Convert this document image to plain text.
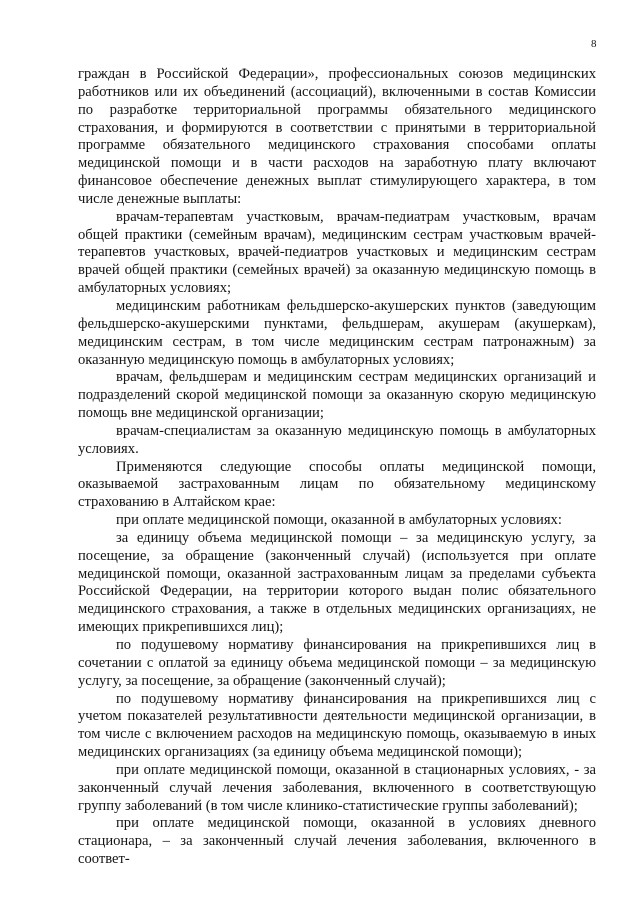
8

граждан в Российской Федерации», профессиональных союзов медицинских работников или их объединений (ассоциаций), включенными в состав Комиссии по разработке территориальной программы обязательного медицинского страхования, и формируются в соответствии с принятыми в территориальной программе обязательного медицинского страхования способами оплаты медицинской помощи и в части расходов на заработную плату включают финансовое обеспечение денежных выплат стимулирующего характера, в том числе денежные выплаты:

врачам-терапевтам участковым, врачам-педиатрам участковым, врачам общей практики (семейным врачам), медицинским сестрам участковым врачей-терапевтов участковых, врачей-педиатров участковых и медицинским сестрам врачей общей практики (семейных врачей) за оказанную медицинскую помощь в амбулаторных условиях;

медицинским работникам фельдшерско-акушерских пунктов (заведующим фельдшерско-акушерскими пунктами, фельдшерам, акушерам (акушеркам), медицинским сестрам, в том числе медицинским сестрам патронажным) за оказанную медицинскую помощь в амбулаторных условиях;

врачам, фельдшерам и медицинским сестрам медицинских организаций и подразделений скорой медицинской помощи за оказанную скорую медицинскую помощь вне медицинской организации;

врачам-специалистам за оказанную медицинскую помощь в амбулаторных условиях.

Применяются следующие способы оплаты медицинской помощи, оказываемой застрахованным лицам по обязательному медицинскому страхованию в Алтайском крае:

при оплате медицинской помощи, оказанной в амбулаторных условиях:

за единицу объема медицинской помощи – за медицинскую услугу, за посещение, за обращение (законченный случай) (используется при оплате медицинской помощи, оказанной застрахованным лицам за пределами субъекта Российской Федерации, на территории которого выдан полис обязательного медицинского страхования, а также в отдельных медицинских организациях, не имеющих прикрепившихся лиц);

по подушевому нормативу финансирования на прикрепившихся лиц в сочетании с оплатой за единицу объема медицинской помощи – за медицинскую услугу, за посещение, за обращение (законченный случай);

по подушевому нормативу финансирования на прикрепившихся лиц с учетом показателей результативности деятельности медицинской организации, в том числе с включением расходов на медицинскую помощь, оказываемую в иных медицинских организациях (за единицу объема медицинской помощи);

при оплате медицинской помощи, оказанной в стационарных условиях, - за законченный случай лечения заболевания, включенного в соответствующую группу заболеваний (в том числе клинико-статистические группы заболеваний);

при оплате медицинской помощи, оказанной в условиях дневного стационара, – за законченный случай лечения заболевания, включенного в соответ-
